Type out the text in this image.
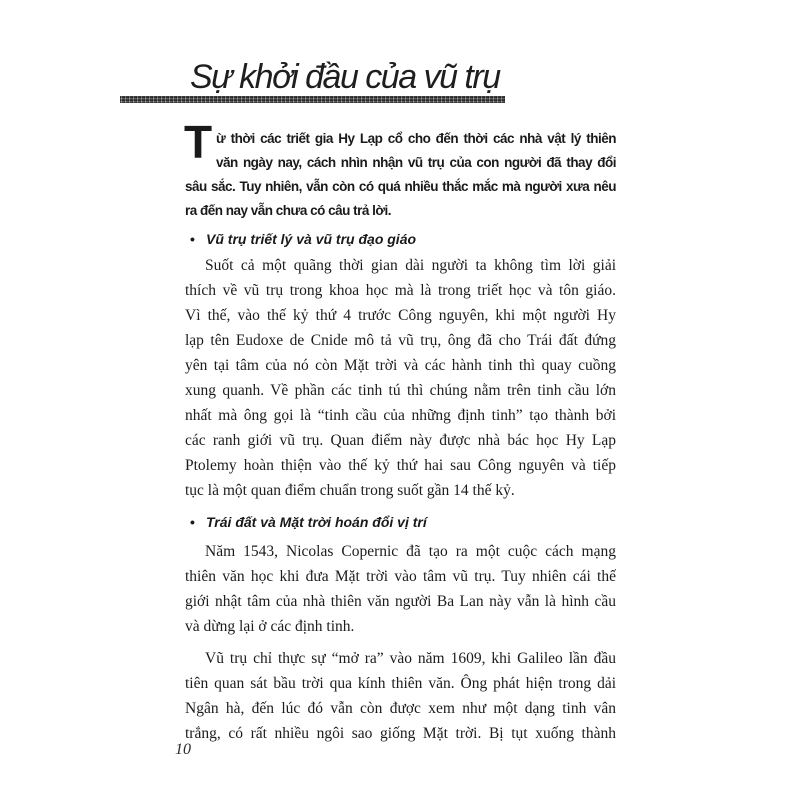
Sự khởi đầu của vũ trụ
T ừ thời các triết gia Hy Lạp cổ cho đến thời các nhà vật lý thiên
văn ngày nay, cách nhìn nhận vũ trụ của con người đã thay đổi
sâu sắc. Tuy nhiên, vẫn còn có quá nhiều thắc mắc mà người xưa nêu
ra đến nay vẫn chưa có câu trả lời.
• Vũ trụ triết lý và vũ trụ đạo giáo
Suốt cả một quãng thời gian dài người ta không tìm lời giải
thích về vũ trụ trong khoa học mà là trong triết học và tôn giáo.
Vì thế, vào thế kỷ thứ 4 trước Công nguyên, khi một người Hy
lạp tên Eudoxe de Cnide mô tả vũ trụ, ông đã cho Trái đất đứng
yên tại tâm của nó còn Mặt trời và các hành tinh thì quay cuồng
xung quanh. Về phần các tinh tú thì chúng nằm trên tinh cầu lớn
nhất mà ông gọi là “tinh cầu của những định tinh” tạo thành bởi
các ranh giới vũ trụ. Quan điểm này được nhà bác học Hy Lạp
Ptolemy hoàn thiện vào thế kỷ thứ hai sau Công nguyên và tiếp
tục là một quan điểm chuẩn trong suốt gần 14 thế kỷ.
• Trái đất và Mặt trời hoán đổi vị trí
Năm 1543, Nicolas Copernic đã tạo ra một cuộc cách mạng
thiên văn học khi đưa Mặt trời vào tâm vũ trụ. Tuy nhiên cái thế
giới nhật tâm của nhà thiên văn người Ba Lan này vẫn là hình cầu
và dừng lại ở các định tinh.
Vũ trụ chỉ thực sự “mở ra” vào năm 1609, khi Galileo lần đầu
tiên quan sát bầu trời qua kính thiên văn. Ông phát hiện trong dải
Ngân hà, đến lúc đó vẫn còn được xem như một dạng tinh vân
trắng, có rất nhiều ngôi sao giống Mặt trời. Bị tụt xuống thành
10
